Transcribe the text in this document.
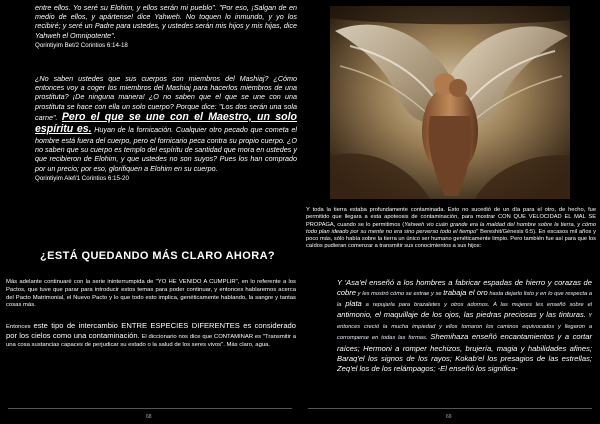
entre ellos. Yo seré su Elohim, y ellos serán mi pueblo". "Por eso, ¡Salgan de en medio de ellos, y apártense! dice Yahweh. No toquen lo inmundo, y yo los recibiré; y seré un Padre para ustedes, y ustedes serán mis hijos y mis hijas, dice Yahweh el Omnipotente".
Qorintiyim Bet/2 Corintios 6:14-18

¿No saben ustedes que sus cuerpos son miembros del Mashiaj? ¿Cómo entonces voy a coger los miembros del Mashiaj para hacerlos miembros de una prostituta? ¡De ninguna manera! ¿O no saben que el que se une con una prostituta se hace con ella un solo cuerpo? Porque dice: "Los dos serán una sola carne". Pero el que se une con el Maestro, un solo espíritu es. Huyan de la fornicación. Cualquier otro pecado que cometa el hombre está fuera del cuerpo, pero el fornicario peca contra su propio cuerpo. ¿O no saben que su cuerpo es templo del espíritu de santidad que mora en ustedes y que recibieron de Elohim, y que ustedes no son suyos? Pues los han comprado por un precio; por eso, glorifiquen a Elohim en su cuerpo.
Qorintiyim Alef/1 Corintios 6:15-20

¿ESTÁ QUEDANDO MÁS CLARO AHORA?

Más adelante continuaré con la serie ininterrumpida de "YO HE VENIDO A CUMPLIR", en lo referente a los Pactos, que tuve que parar para introducir estos temas para poder continuar, y entonces hablaremos acerca del Pacto Matrimonial, el Nuevo Pacto y lo que todo esto implica, genéticamente hablando, la sangre y tantas cosas más.

Entonces este tipo de intercambio ENTRE ESPECIES DIFERENTES es considerado por los cielos como una contaminación. El diccionario nos dice que CONTAMINAR es "Transmitir a una cosa sustancias capaces de perjudicar su estado o la salud de los seres vivos". Más claro, agua.

68

Y toda la tierra estaba profundamente contaminada. Esto no sucedió de un día para el otro, de hecho, fue permitido que llegara a esta apoteosis de contaminación, para mostrar CON QUE VELOCIDAD EL MAL SE PROPAGA, cuando se lo permitimos (Yahweh vio cuán grande era la maldad del hombre sobre la tierra, y cómo todo plan ideado por su mente no era sino perverso todo el tiempo" Bereshit/Génesis 6:5). En escasos mil años y poco más, sólo había sobre la tierra un único ser humano genéticamente limpio. Pero también fue así para que los caídos pudieran comenzar a transmitir sus conocimientos a sus hijos:

Y 'Asa'el enseñó a los hombres a fabricar espadas de hierro y corazas de cobre y les mostró cómo se extrae y se trabaja el oro hasta dejarlo listo y en lo que respecta a la plata a repujarla para brazaletes y otros adornos. A las mujeres les enseñó sobre el antimonio, el maquillaje de los ojos, las piedras preciosas y las tinturas. Y entonces creció la mucha impiedad y ellos tomaron los caminos equivocados y llegaron a corromperse en todas las formas. Shemihaza enseñó encantamientos y a cortar raíces; Hermoni a romper hechizos, brujería, magia y habilidades afines; Baraq'el los signos de los rayos; Kokab'el los presagios de las estrellas; Zeq'el los de los relámpagos; -El enseñó los significa-

69
